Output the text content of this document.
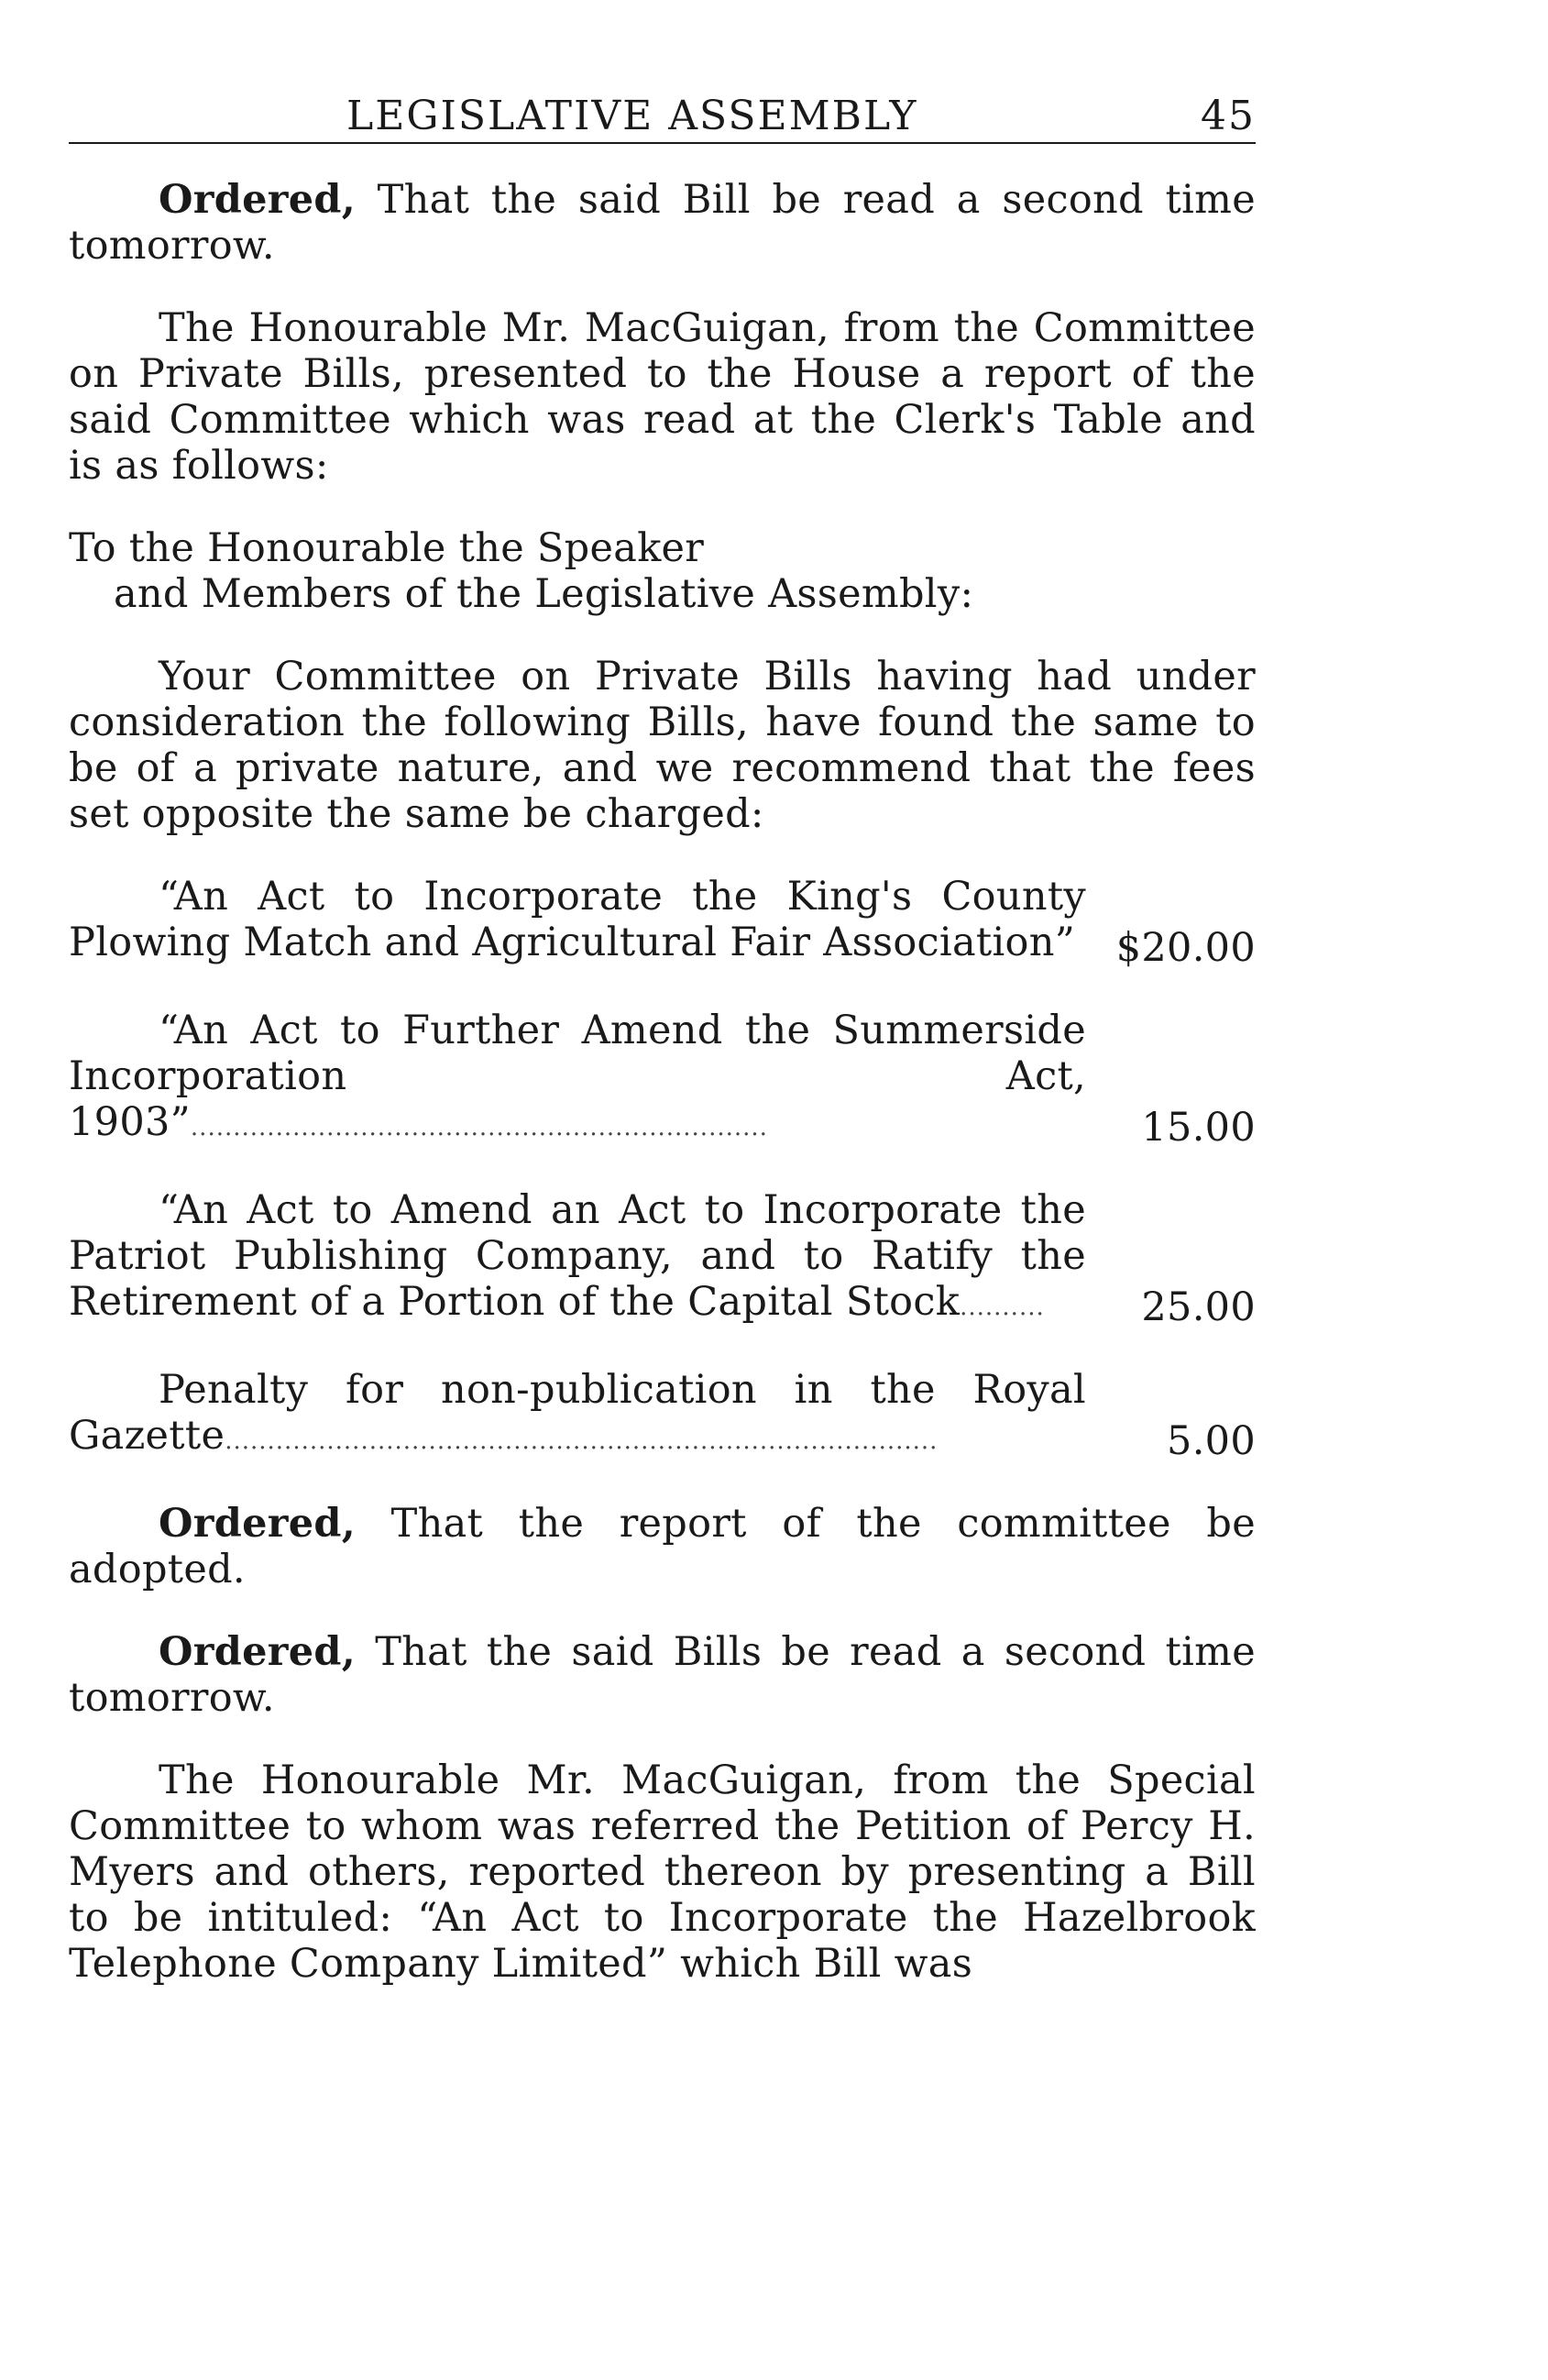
LEGISLATIVE ASSEMBLY	45

Ordered, That the said Bill be read a second time tomorrow.

The Honourable Mr. MacGuigan, from the Committee on Private Bills, presented to the House a report of the said Committee which was read at the Clerk's Table and is as follows:

To the Honourable the Speaker
and Members of the Legislative Assembly:

Your Committee on Private Bills having had under consideration the following Bills, have found the same to be of a private nature, and we recommend that the fees set opposite the same be charged:

“An Act to Incorporate the King's County Plowing Match and Agricultural Fair Association” $20.00

“An Act to Further Amend the Summerside Incorporation Act, 1903”....................................................................	15.00

“An Act to Amend an Act to Incorporate the Patriot Publishing Company, and to Ratify the Retirement of a Portion of the Capital Stock..........	25.00

Penalty for non-publication in the Royal Gazette....................................................................................	5.00

Ordered, That the report of the committee be adopted.

Ordered, That the said Bills be read a second time tomorrow.

The Honourable Mr. MacGuigan, from the Special Committee to whom was referred the Petition of Percy H. Myers and others, reported thereon by presenting a Bill to be intituled: “An Act to Incorporate the Hazelbrook Telephone Company Limited” which Bill was
